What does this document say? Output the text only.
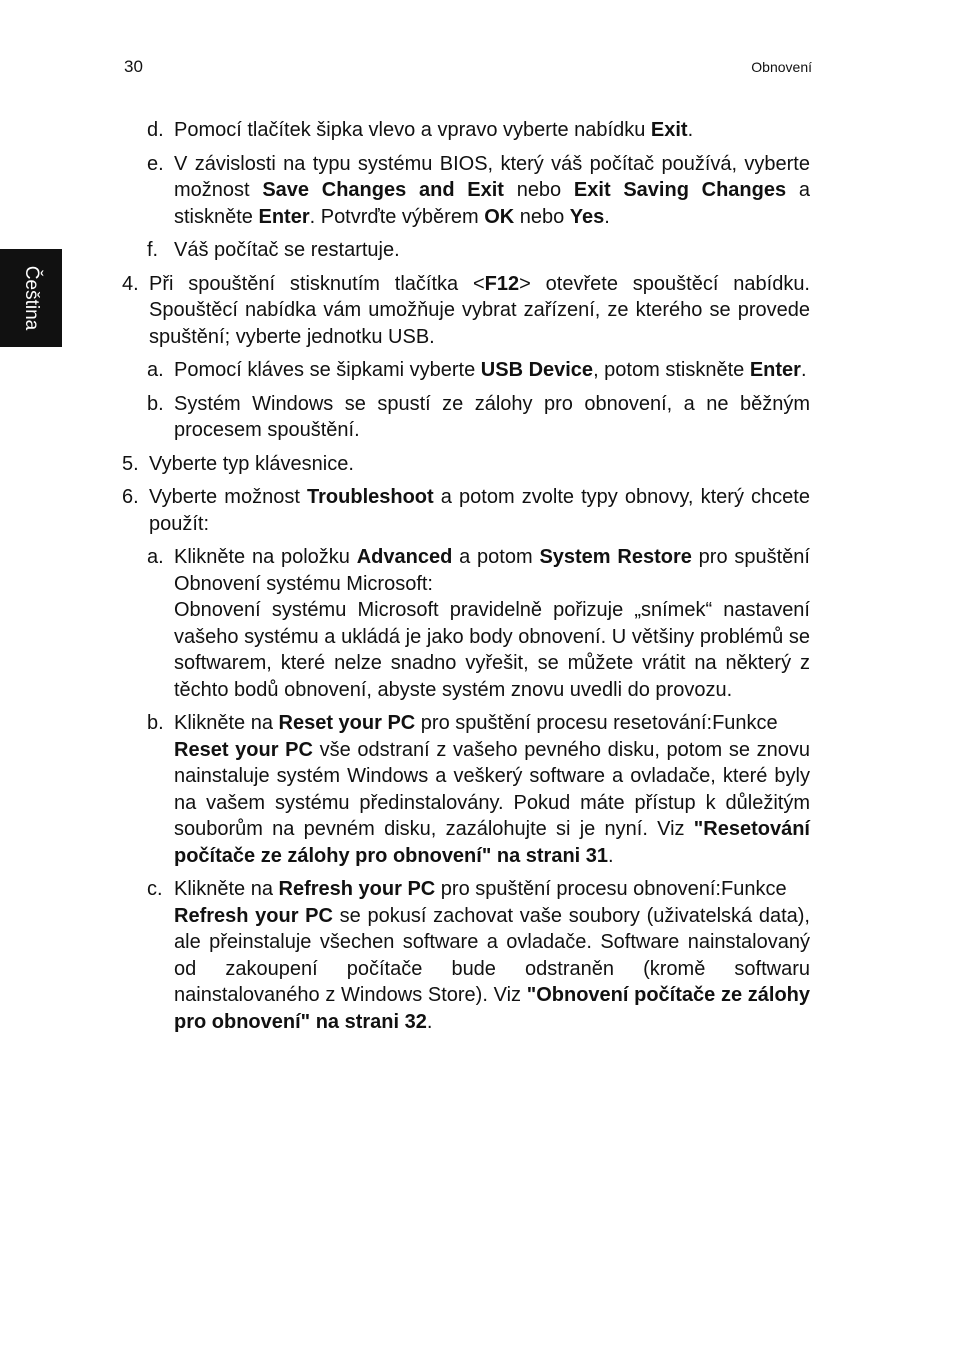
30	Obnovení
Čeština
d. Pomocí tlačítek šipka vlevo a vpravo vyberte nabídku Exit.
e. V závislosti na typu systému BIOS, který váš počítač používá, vyberte možnost Save Changes and Exit nebo Exit Saving Changes a stiskněte Enter. Potvrďte výběrem OK nebo Yes.
f. Váš počítač se restartuje.
4. Při spouštění stisknutím tlačítka <F12> otevřete spouštěcí nabídku. Spouštěcí nabídka vám umožňuje vybrat zařízení, ze kterého se provede spuštění; vyberte jednotku USB.
a. Pomocí kláves se šipkami vyberte USB Device, potom stiskněte Enter.
b. Systém Windows se spustí ze zálohy pro obnovení, a ne běžným procesem spouštění.
5. Vyberte typ klávesnice.
6. Vyberte možnost Troubleshoot a potom zvolte typy obnovy, který chcete použít:
a. Klikněte na položku Advanced a potom System Restore pro spuštění Obnovení systému Microsoft:

Obnovení systému Microsoft pravidelně pořizuje „snímek“ nastavení vašeho systému a ukládá je jako body obnovení. U většiny problémů se softwarem, které nelze snadno vyřešit, se můžete vrátit na některý z těchto bodů obnovení, abyste systém znovu uvedli do provozu.

b. Klikněte na Reset your PC pro spuštění procesu resetování:Funkce

Reset your PC vše odstraní z vašeho pevného disku, potom se znovu nainstaluje systém Windows a veškerý software a ovladače, které byly na vašem systému předinstalovány. Pokud máte přístup k důležitým souborům na pevném disku, zazálohujte si je nyní. Viz "Resetování počítače ze zálohy pro obnovení" na strani 31.

c. Klikněte na Refresh your PC pro spuštění procesu obnovení:Funkce

Refresh your PC se pokusí zachovat vaše soubory (uživatelská data), ale přeinstaluje všechen software a ovladače. Software nainstalovaný od zakoupení počítače bude odstraněn (kromě softwaru nainstalovaného z Windows Store). Viz "Obnovení počítače ze zálohy pro obnovení" na strani 32.
